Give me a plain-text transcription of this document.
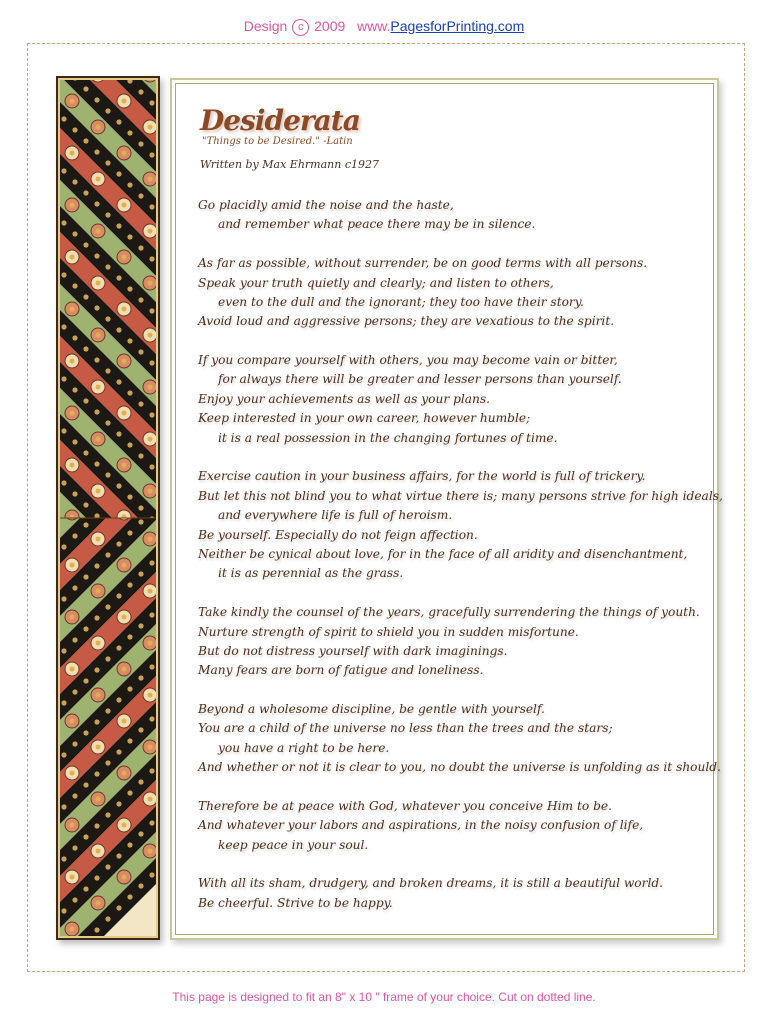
Design c 2009 www.PagesforPrinting.com
Desiderata
"Things to be Desired." -Latin
Written by Max Ehrmann c1927
Go placidly amid the noise and the haste,
and remember what peace there may be in silence.
As far as possible, without surrender, be on good terms with all persons.
Speak your truth quietly and clearly; and listen to others,
even to the dull and the ignorant; they too have their story.
Avoid loud and aggressive persons; they are vexatious to the spirit.
If you compare yourself with others, you may become vain or bitter,
for always there will be greater and lesser persons than yourself.
Enjoy your achievements as well as your plans.
Keep interested in your own career, however humble;
it is a real possession in the changing fortunes of time.
Exercise caution in your business affairs, for the world is full of trickery.
But let this not blind you to what virtue there is; many persons strive for high ideals,
and everywhere life is full of heroism.
Be yourself. Especially do not feign affection.
Neither be cynical about love, for in the face of all aridity and disenchantment,
it is as perennial as the grass.
Take kindly the counsel of the years, gracefully surrendering the things of youth.
Nurture strength of spirit to shield you in sudden misfortune.
But do not distress yourself with dark imaginings.
Many fears are born of fatigue and loneliness.
Beyond a wholesome discipline, be gentle with yourself.
You are a child of the universe no less than the trees and the stars;
you have a right to be here.
And whether or not it is clear to you, no doubt the universe is unfolding as it should.
Therefore be at peace with God, whatever you conceive Him to be.
And whatever your labors and aspirations, in the noisy confusion of life,
keep peace in your soul.
With all its sham, drudgery, and broken dreams, it is still a beautiful world.
Be cheerful. Strive to be happy.
This page is designed to fit an 8" x 10 " frame of your choice. Cut on dotted line.
